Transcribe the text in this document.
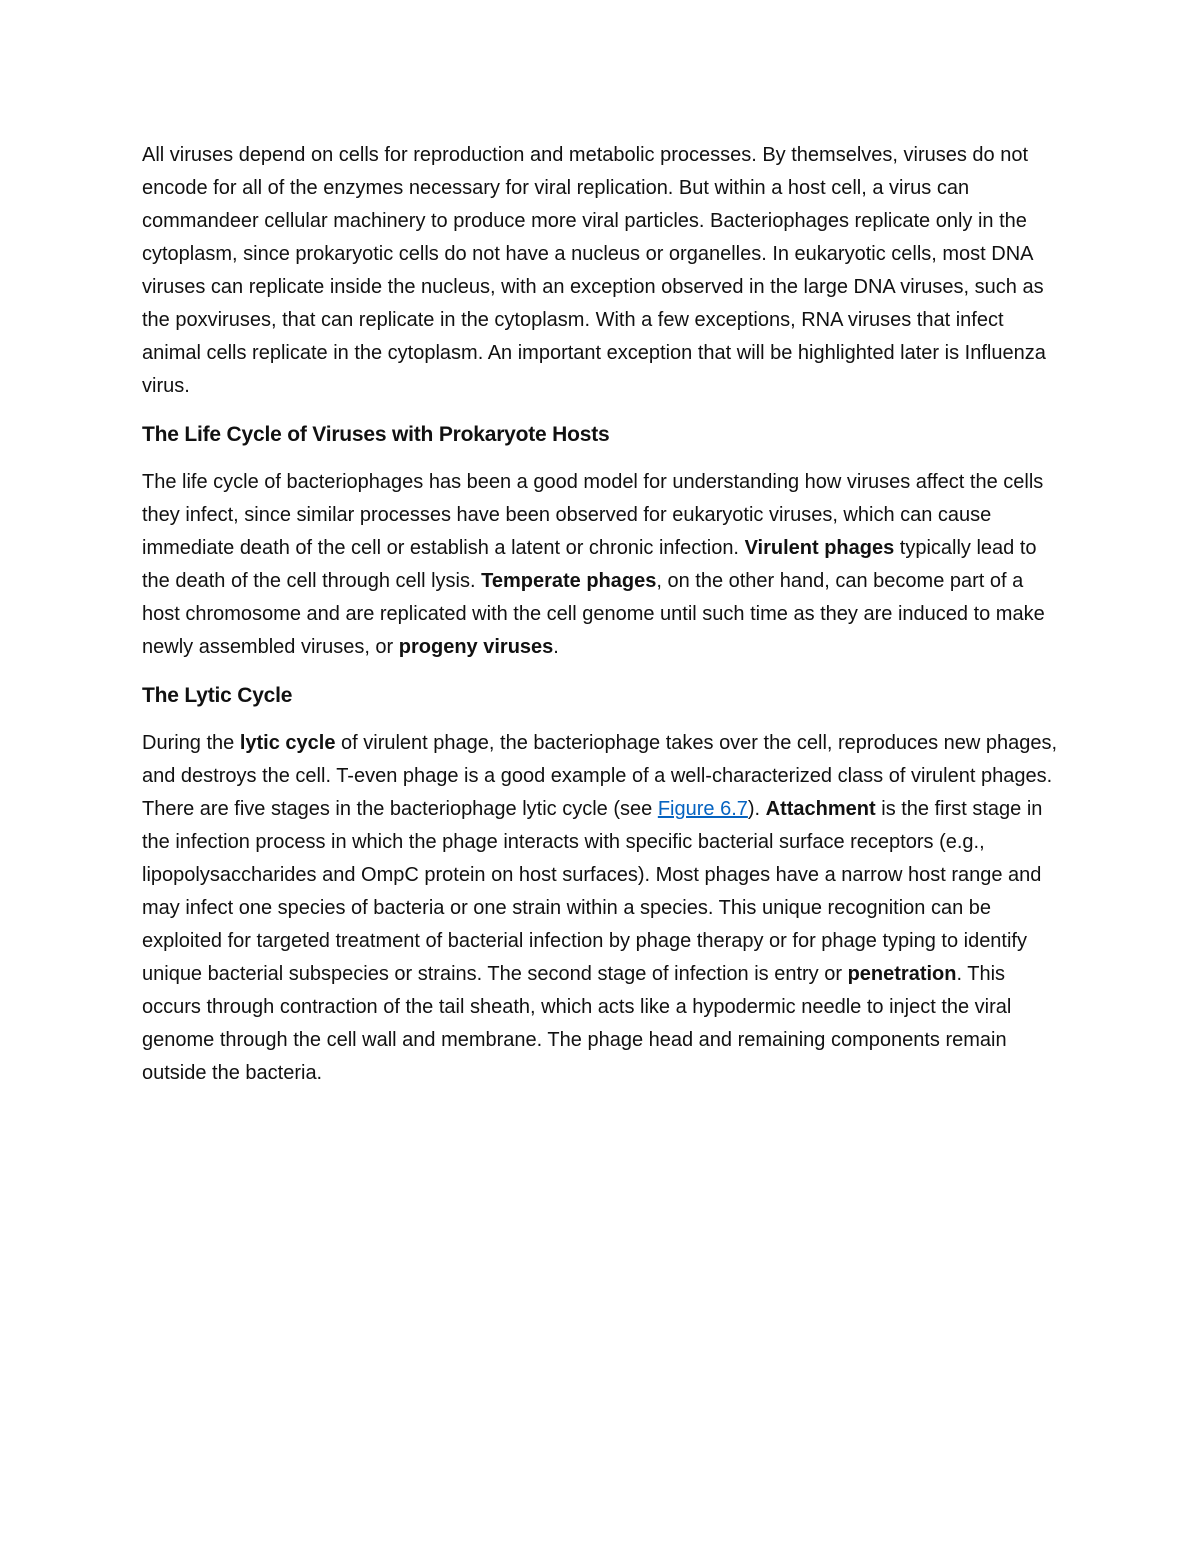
All viruses depend on cells for reproduction and metabolic processes. By themselves, viruses do not encode for all of the enzymes necessary for viral replication. But within a host cell, a virus can commandeer cellular machinery to produce more viral particles. Bacteriophages replicate only in the cytoplasm, since prokaryotic cells do not have a nucleus or organelles. In eukaryotic cells, most DNA viruses can replicate inside the nucleus, with an exception observed in the large DNA viruses, such as the poxviruses, that can replicate in the cytoplasm. With a few exceptions, RNA viruses that infect animal cells replicate in the cytoplasm. An important exception that will be highlighted later is Influenza virus.

The Life Cycle of Viruses with Prokaryote Hosts

The life cycle of bacteriophages has been a good model for understanding how viruses affect the cells they infect, since similar processes have been observed for eukaryotic viruses, which can cause immediate death of the cell or establish a latent or chronic infection. Virulent phages typically lead to the death of the cell through cell lysis. Temperate phages, on the other hand, can become part of a host chromosome and are replicated with the cell genome until such time as they are induced to make newly assembled viruses, or progeny viruses.

The Lytic Cycle

During the lytic cycle of virulent phage, the bacteriophage takes over the cell, reproduces new phages, and destroys the cell. T-even phage is a good example of a well-characterized class of virulent phages. There are five stages in the bacteriophage lytic cycle (see Figure 6.7). Attachment is the first stage in the infection process in which the phage interacts with specific bacterial surface receptors (e.g., lipopolysaccharides and OmpC protein on host surfaces). Most phages have a narrow host range and may infect one species of bacteria or one strain within a species. This unique recognition can be exploited for targeted treatment of bacterial infection by phage therapy or for phage typing to identify unique bacterial subspecies or strains. The second stage of infection is entry or penetration. This occurs through contraction of the tail sheath, which acts like a hypodermic needle to inject the viral genome through the cell wall and membrane. The phage head and remaining components remain outside the bacteria.
